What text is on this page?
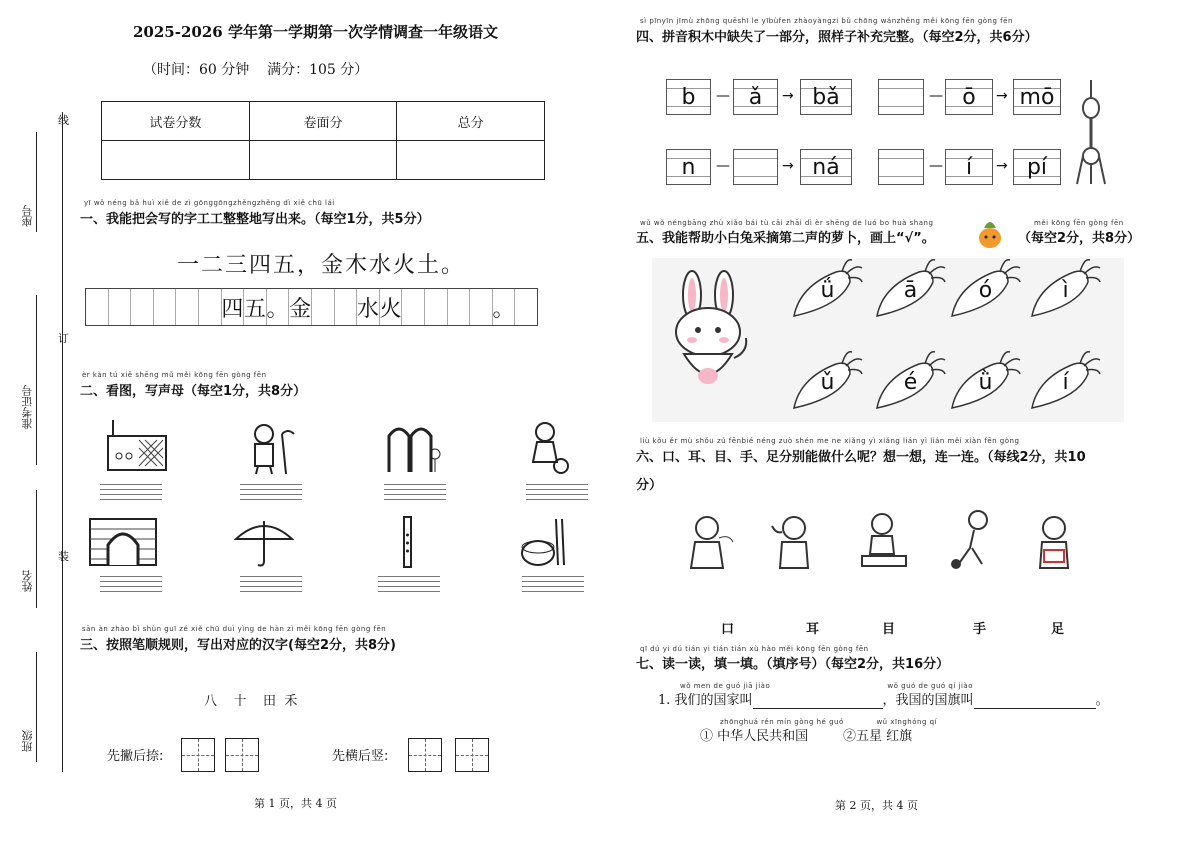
线
订
装
座号
准考证号
姓名
班级
2025-2026 学年第一学期第一次学情调查一年级语文
（时间：60 分钟    满分：105 分）
试卷分数	卷面分	总分

yī wǒ néng bǎ huì xiě de zì gōnggōngzhěngzhěng dì xiě chū lái
一、我能把会写的字工工整整地写出来。（每空1分，共5分）
一二三四五，金木水火土。
四 五 。 金 水 火	。
èr kàn tú xiě shēng mǔ měi kōng fēn gòng fēn
二、看图，写声母（每空1分，共8分）
sān àn zhào bǐ shùn guī zé xiě chū duì yìng de hàn zì měi kōng fēn gòng fēn
三、按照笔顺规则，写出对应的汉字(每空2分，共8分)
八    十    田  禾
先撇后捺:	先横后竖:
第 1 页，共 4 页
sì pīnyīn jīmù zhōng quēshī le yībùfen zhàoyàngzi bǔ chōng wánzhěng měi kōng fēn gòng fēn
四、拼音积木中缺失了一部分，照样子补充完整。（每空2分，共6分）
b	— ǎ	→ bǎ	— ō	→ mō
n	—	→ ná	—	í	→ pí
wǔ wǒ néngbāng zhù xiǎo bái tù cǎi zhāi dì èr shēng de luó bo huà shang
五、我能帮助小白兔采摘第二声的萝卜，画上“√”。
měi kōng fēn gòng fēn
（每空2分，共8分）
ǘ	ā	ó	ì
ǔ	é	ǜ	í
liù kǒu ěr mù shǒu zú fēnbié néng zuò shén me ne xiǎng yì xiǎng lián yì lián měi xiàn fēn gòng
六、口、耳、目、手、足分别能做什么呢？想一想，连一连。（每线2分，共10
分）
口	耳	目	手	足
qī dú yi dú tián yi tián tián xù hào měi kōng fēn gòng fēn
七、读一读，填一填。（填序号）（每空2分，共16分）
wǒ men de guó jiā jiào                                           wǒ guó de guó qí jiào
1. 我们的国家叫	，我国的国旗叫	。
zhōnghuá rén mín gòng hé guó            wǔ xīnghóng qí
① 中华人民共和国	②五星 红旗
第 2 页，共 4 页
